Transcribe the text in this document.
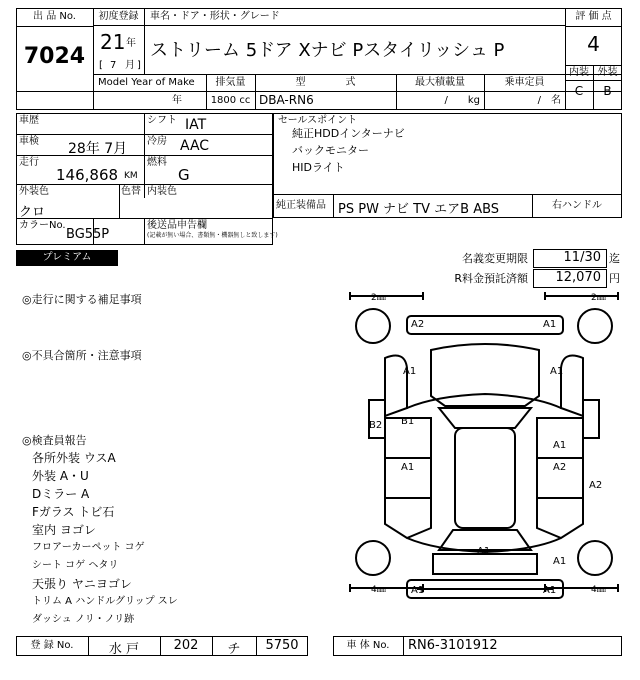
出 品 No.
7024
初度登録
21 年
[ 7 月 ]
車名・ドア・形状・グレード
ストリーム 5ドア Xナビ Pスタイリッシュ P
評 価 点
4
内装 外装
C	B
Model Year of Make
年
排気量
1800 cc
型　　　　式
DBA-RN6
最大積載量
/　　kg
乗車定員
/　名
車歴	シフト IAT
車検 28年 7月 冷房 AAC
走行
146,868 KM
燃料
G
外装色	色替 内装色
クロ
カラーNo.
BG55P
後送品申告欄
(記載が無い場合、書類無・機器無しと致します)
セールスポイント
純正HDDインターナビ
バックモニター
HIDライト
純正装備品 PS PW ナビ TV エアB ABS	右ハンドル
プレミアム	名義変更期限	11/30 迄
R料金預託済額	12,070 円
◎走行に関する補足事項
◎不具合箇所・注意事項
◎検査員報告
各所外装 ウスA
外装 A・U
Dミラー A
Fガラス トビ石
室内 ヨゴレ
フロアーカーペット コゲ
シート コゲ ヘタリ
天張り ヤニヨゴレ
トリム A ハンドルグリップ スレ
ダッシュ ノリ・ノリ跡
2㎜	2㎜
4㎜	4㎜
A2	A1
A1	A1
B2 B1
A1
A1	A2
A1
A2
A1
A1	A1
登 録 No.	水 戸	202	チ	5750	車 体 No.	RN6-3101912
